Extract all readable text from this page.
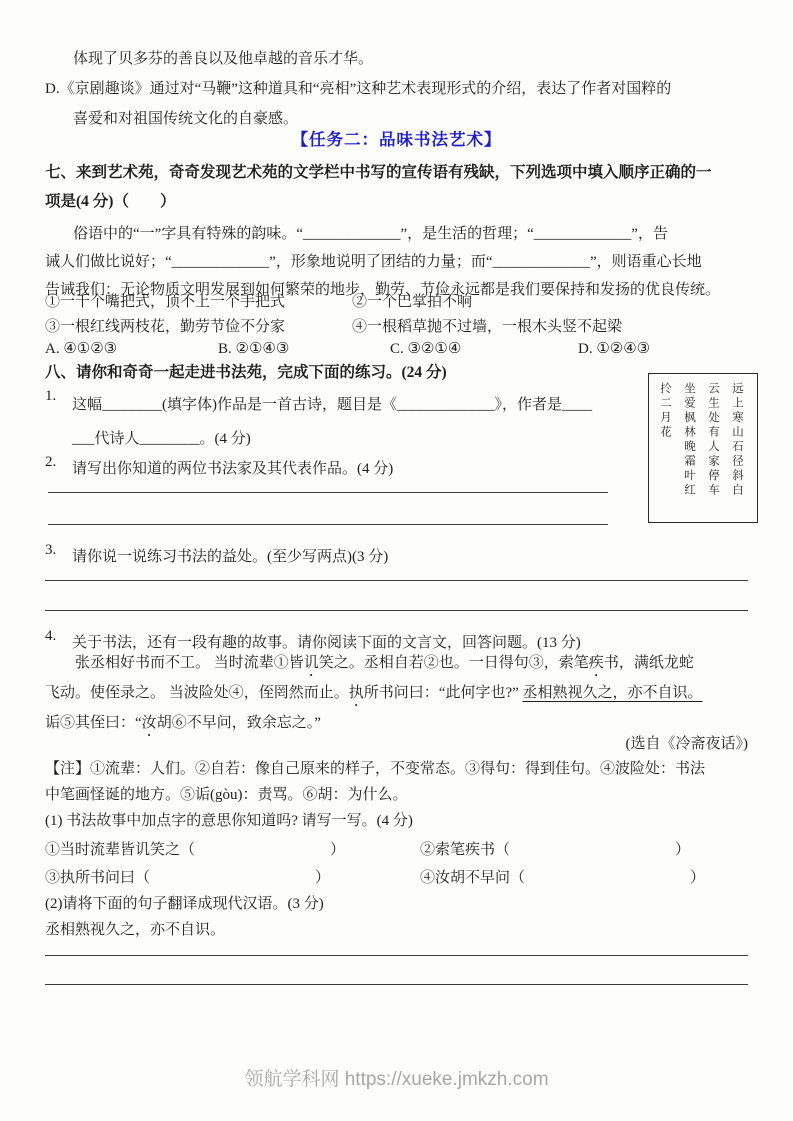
体现了贝多芬的善良以及他卓越的音乐才华。
D.《京剧趣谈》通过对“马鞭”这种道具和“亮相”这种艺术表现形式的介绍，表达了作者对国粹的
喜爱和对祖国传统文化的自豪感。
【任务二：品味书法艺术】
七、来到艺术苑，奇奇发现艺术苑的文学栏中书写的宣传语有残缺，下列选项中填入顺序正确的一
项是(4 分)（　　）
俗语中的“一”字具有特殊的韵味。“_____________”，是生活的哲理；“_____________”，告
诫人们做比说好；“_____________”，形象地说明了团结的力量；而“_____________”，则语重心长地
告诫我们：无论物质文明发展到如何繁荣的地步，勤劳、节俭永远都是我们要保持和发扬的优良传统。
①一千个嘴把式，顶不上一个手把式	②一个巴掌拍不响
③一根红线两枝花，勤劳节俭不分家	④一根稻草抛不过墙，一根木头竖不起梁
A. ④①②③	B. ②①④③	C. ③②①④	D. ①②④③
八、请你和奇奇一起走进书法苑，完成下面的练习。(24 分)
远上寒山石径斜白
云生处有人家停车
坐爱枫林晚霜叶红
扵二月花
1.
这幅________(填字体)作品是一首古诗，题目是《_____________》，作者是____
___代诗人________。(4 分)
2.	请写出你知道的两位书法家及其代表作品。(4 分)
3.	请你说一说练习书法的益处。(至少写两点)(3 分)
4.	关于书法，还有一段有趣的故事。请你阅读下面的文言文，回答问题。(13 分)
张丞相好书而不工。 当时流辈①皆讥笑之。丞相自若②也。一日得句③，索笔疾书，满纸龙蛇
飞动。使侄录之。 当波险处④，侄罔然而止。执所书问曰：“此何字也?” 丞相熟视久之，亦不自识。
诟⑤其侄曰：“汝胡⑥不早问，致余忘之。”
(选自《冷斋夜话》)
【注】①流辈：人们。②自若：像自己原来的样子，不变常态。③得句：得到佳句。④波险处：书法
中笔画怪诞的地方。⑤诟(gòu)：责骂。⑥胡：为什么。
(1) 书法故事中加点字的意思你知道吗? 请写一写。(4 分)
①当时流辈皆讥笑之（　　　　　　　　　）	②索笔疾书（　　　　　　　　　　　）
③执所书问曰（　　　　　　　　　　　）	④汝胡不早问（　　　　　　　　　　　）
(2)请将下面的句子翻译成现代汉语。(3 分)
丞相熟视久之，亦不自识。
领航学科网 https://xueke.jmkzh.com
